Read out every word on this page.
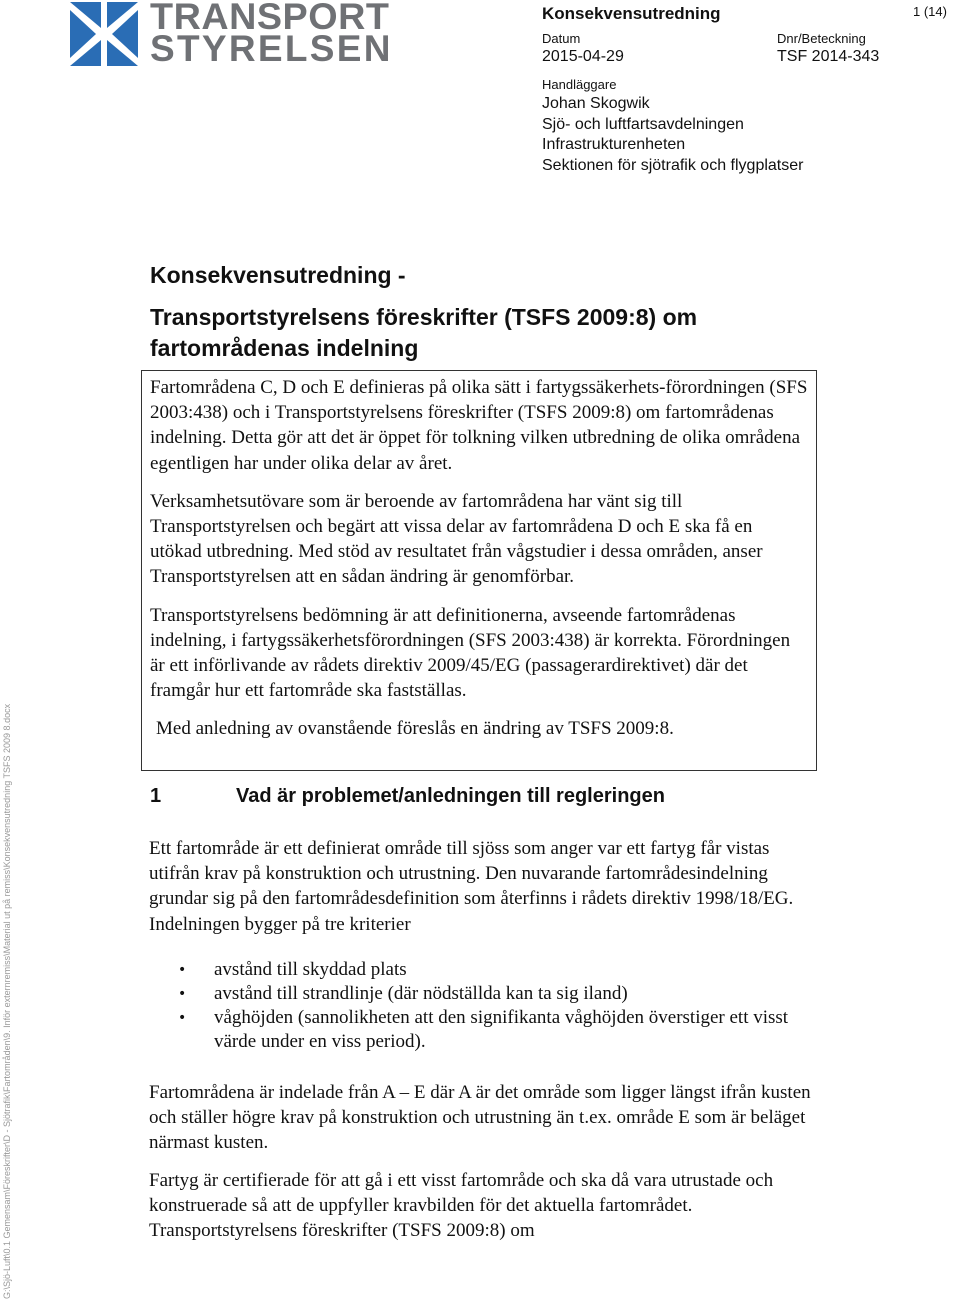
TRANSPORT
STYRELSEN
Konsekvensutredning	1 (14)
Datum
2015-04-29
Dnr/Beteckning
TSF 2014-343
Handläggare
Johan Skogwik
Sjö- och luftfartsavdelningen
Infrastrukturenheten
Sektionen för sjötrafik och flygplatser
G:\Sjö-Luft\0.1 Gemensam\Föreskrifter\D - Sjötrafik\Fartområden\9. Inför externremiss\Material ut på remiss\Konsekvensutredning TSFS 2009 8.docx
Konsekvensutredning -
Transportstyrelsens föreskrifter (TSFS 2009:8) om fartområdenas indelning

Fartområdena C, D och E definieras på olika sätt i fartygssäkerhets-förordningen (SFS 2003:438) och i Transportstyrelsens föreskrifter (TSFS 2009:8) om fartområdenas indelning. Detta gör att det är öppet för tolkning vilken utbredning de olika områdena egentligen har under olika delar av året.

Verksamhetsutövare som är beroende av fartområdena har vänt sig till Transportstyrelsen och begärt att vissa delar av fartområdena D och E ska få en utökad utbredning. Med stöd av resultatet från vågstudier i dessa områden, anser Transportstyrelsen att en sådan ändring är genomförbar.

Transportstyrelsens bedömning är att definitionerna, avseende fartområdenas indelning, i fartygssäkerhetsförordningen (SFS 2003:438) är korrekta. Förordningen är ett införlivande av rådets direktiv 2009/45/EG (passagerardirektivet) där det framgår hur ett fartområde ska fastställas.

Med anledning av ovanstående föreslås en ändring av TSFS 2009:8.

1	Vad är problemet/anledningen till regleringen

Ett fartområde är ett definierat område till sjöss som anger var ett fartyg får vistas utifrån krav på konstruktion och utrustning. Den nuvarande fartområdesindelning grundar sig på den fartområdesdefinition som återfinns i rådets direktiv 1998/18/EG. Indelningen bygger på tre kriterier

• avstånd till skyddad plats
• avstånd till strandlinje (där nödställda kan ta sig iland)
• våghöjden (sannolikheten att den signifikanta våghöjden överstiger ett visst värde under en viss period).

Fartområdena är indelade från A – E där A är det område som ligger längst ifrån kusten och ställer högre krav på konstruktion och utrustning än t.ex. område E som är beläget närmast kusten.

Fartyg är certifierade för att gå i ett visst fartområde och ska då vara utrustade och konstruerade så att de uppfyller kravbilden för det aktuella fartområdet. Transportstyrelsens föreskrifter (TSFS 2009:8) om
